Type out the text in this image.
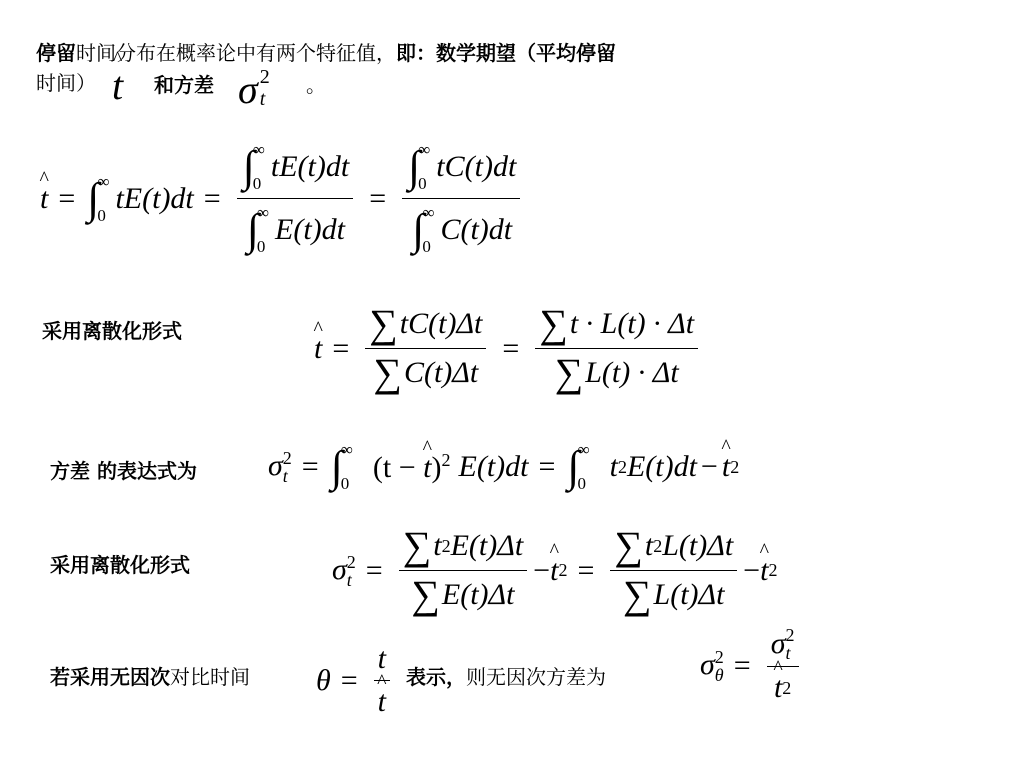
停留时间分布在概率论中有两个特征值，即：数学期望（平均停留
时间） ^ t 和方差 σ 2
t
。
^ t = ∫
∞
0
tE(t)dt = ∫
∞
0
tE(t)dt
∫
∞
0
E(t)dt = ∫
∞
0
tC(t)dt
∫
∞
0
C(t)dt
采用离散化形式
^ $t = \frac{\sum tC(t)\Delta t}{\sum C(t)\Delta t} = \frac{\sum t \cdot L(t) \cdot \Delta t}{\sum L(t) \cdot \Delta t}$
方差 的表达式为 σ 2
t = ∫
∞
0 (t − ^ t)$^2$ E(t)dt = ∫
∞
0
t 2 E(t)dt − ^ t 2
采用离散化形式	σ 2
$t = \frac{\sum t 2 E(t)\Delta t}{\sum E(t)\Delta t}$ − ^ t $2 = \frac{\sum t 2 L(t)\Delta t}{\sum L(t)\Delta t}$ − ^ t 2
若采用无因次对比时间 θ = t
^ t 表示，则无因次方差为	σ 2
θ = σ 2
t
^ t 2
